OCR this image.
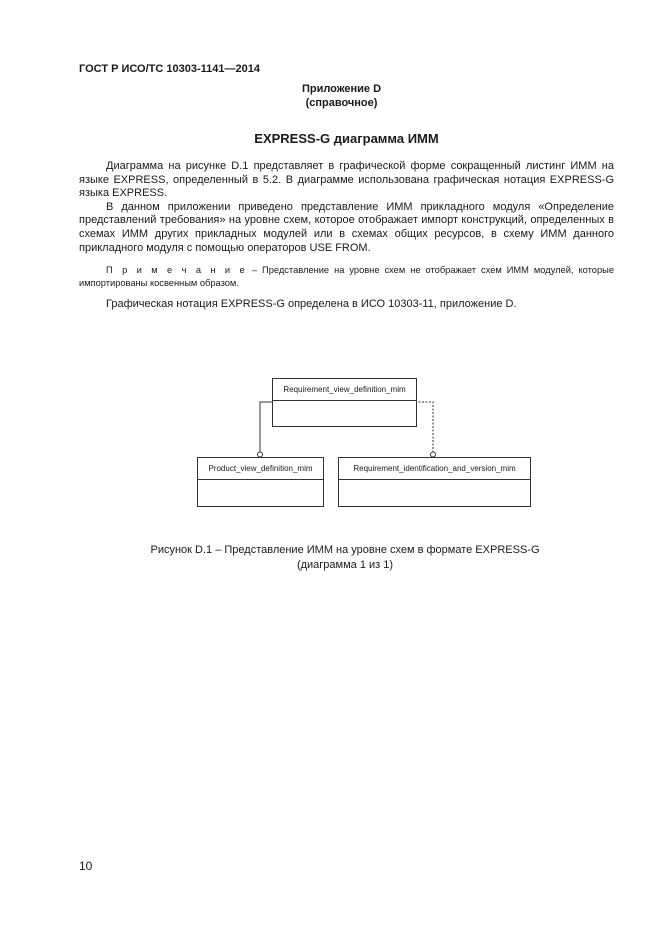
ГОСТ Р ИСО/ТС 10303-1141—2014
Приложение D
(справочное)
EXPRESS-G диаграмма ИММ

Диаграмма на рисунке D.1 представляет в графической форме сокращенный листинг ИММ на языке EXPRESS, определенный в 5.2. В диаграмме использована графическая нотация EXPRESS-G языка EXPRESS.

В данном приложении приведено представление ИММ прикладного модуля «Определение представлений требования» на уровне схем, которое отображает импорт конструкций, определенных в схемах ИММ других прикладных модулей или в схемах общих ресурсов, в схему ИММ данного прикладного модуля с помощью операторов USE FROM.

П р и м е ч а н и е – Представление на уровне схем не отображает схем ИММ модулей, которые импортированы косвенным образом.
Графическая нотация EXPRESS-G определена в ИСО 10303-11, приложение D.
Requirement_view_definition_mim
Product_view_definition_mim	Requirement_identification_and_version_mim
Рисунок D.1 – Представление ИММ на уровне схем в формате EXPRESS-G
(диаграмма 1 из 1)
10
